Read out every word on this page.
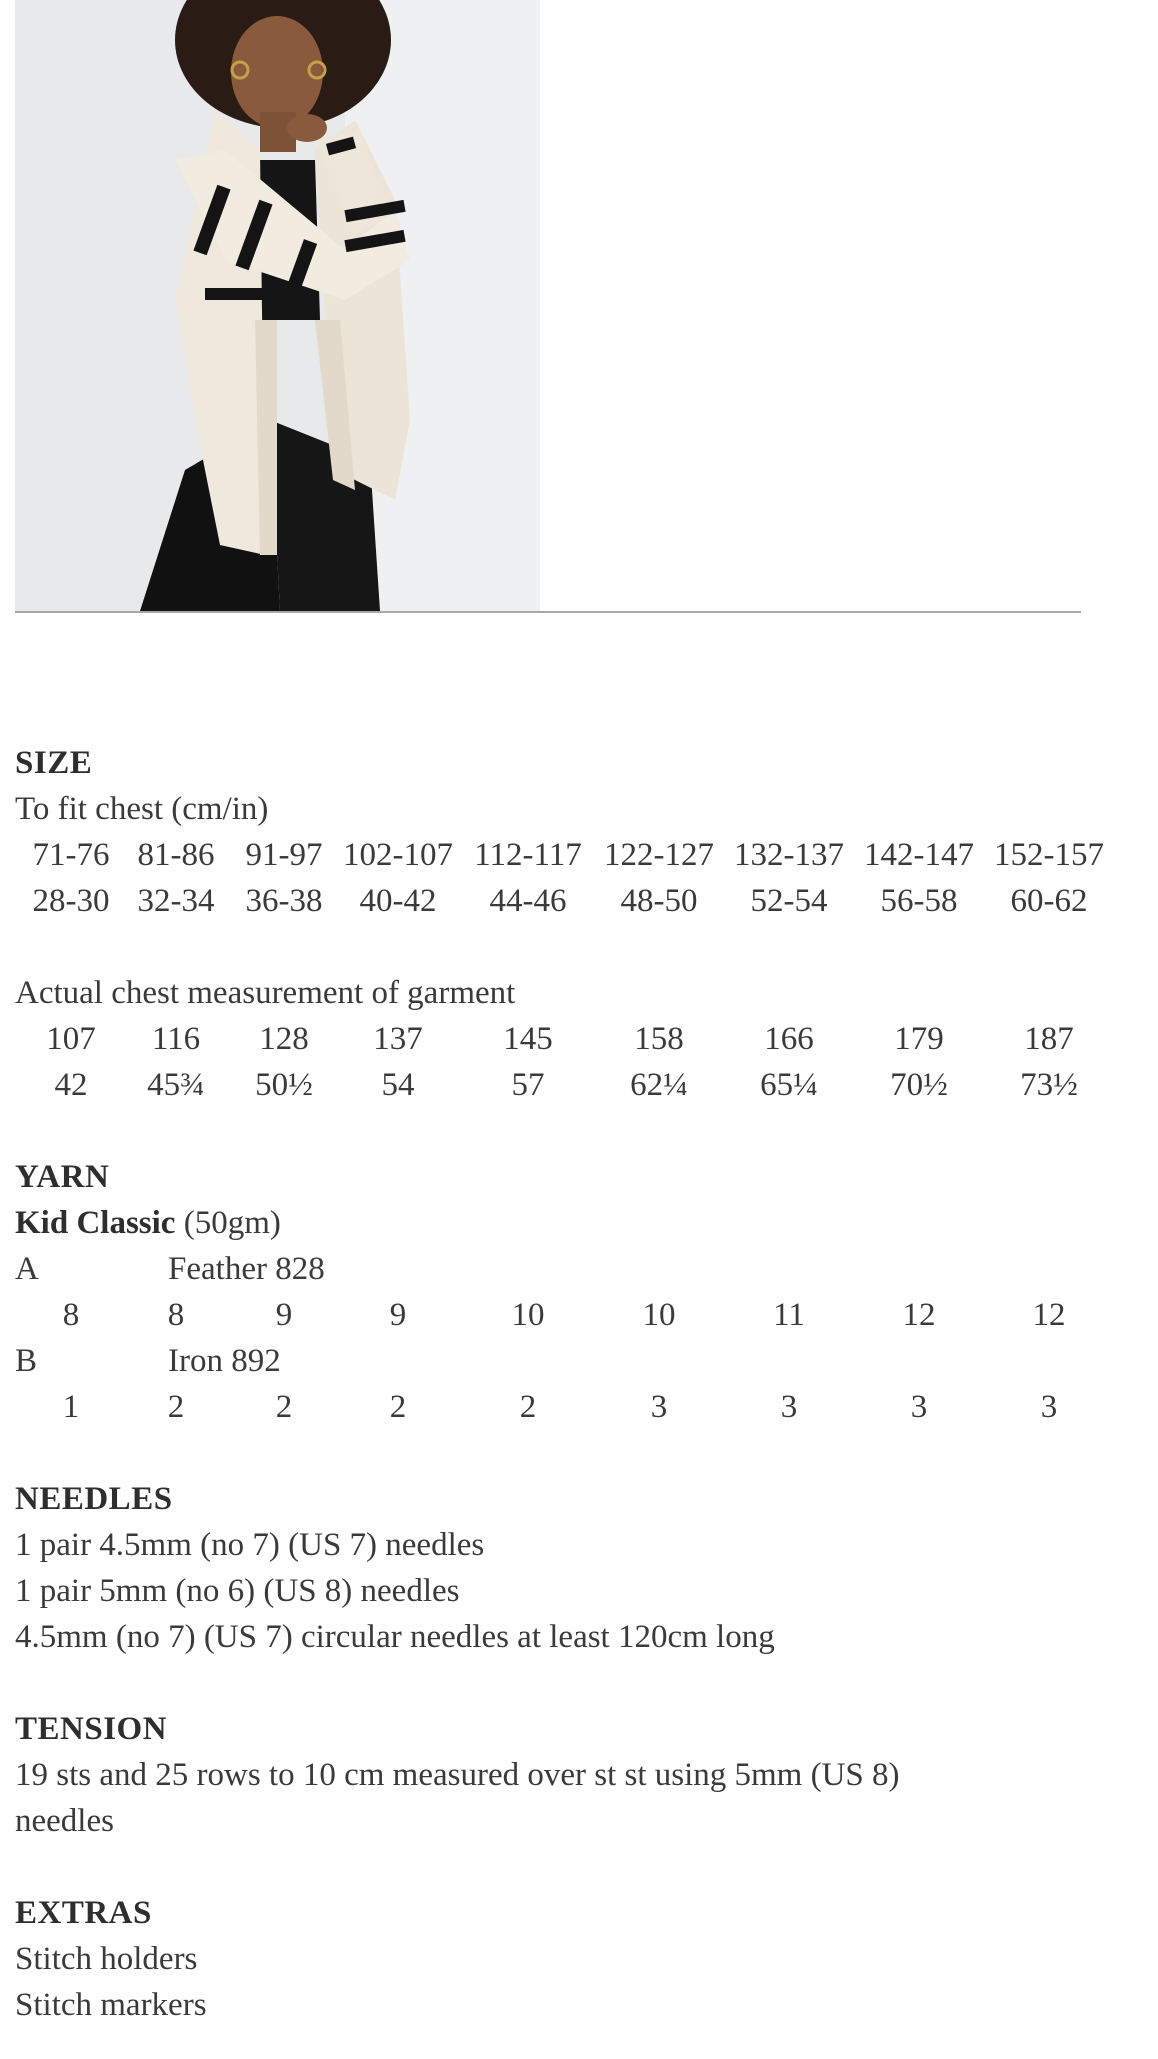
SIZE
To fit chest (cm/in)
71-76 81-86 91-97 102-107 112-117 122-127 132-137 142-147 152-157
28-30 32-34 36-38	40-42	44-46	48-50	52-54	56-58	60-62
Actual chest measurement of garment
107	116	128	137	145	158	166	179	187
42	45¾	50½	54	57	62¼	65¼	70½	73½
YARN
Kid Classic (50gm)
A	Feather 828
8	8	9	9	10	10	11	12	12
B	Iron 892
1	2	2	2	2	3	3	3	3
NEEDLES
1 pair 4.5mm (no 7) (US 7) needles
1 pair 5mm (no 6) (US 8) needles
4.5mm (no 7) (US 7) circular needles at least 120cm long
TENSION
19 sts and 25 rows to 10 cm measured over st st using 5mm (US 8)
needles
EXTRAS
Stitch holders
Stitch markers
